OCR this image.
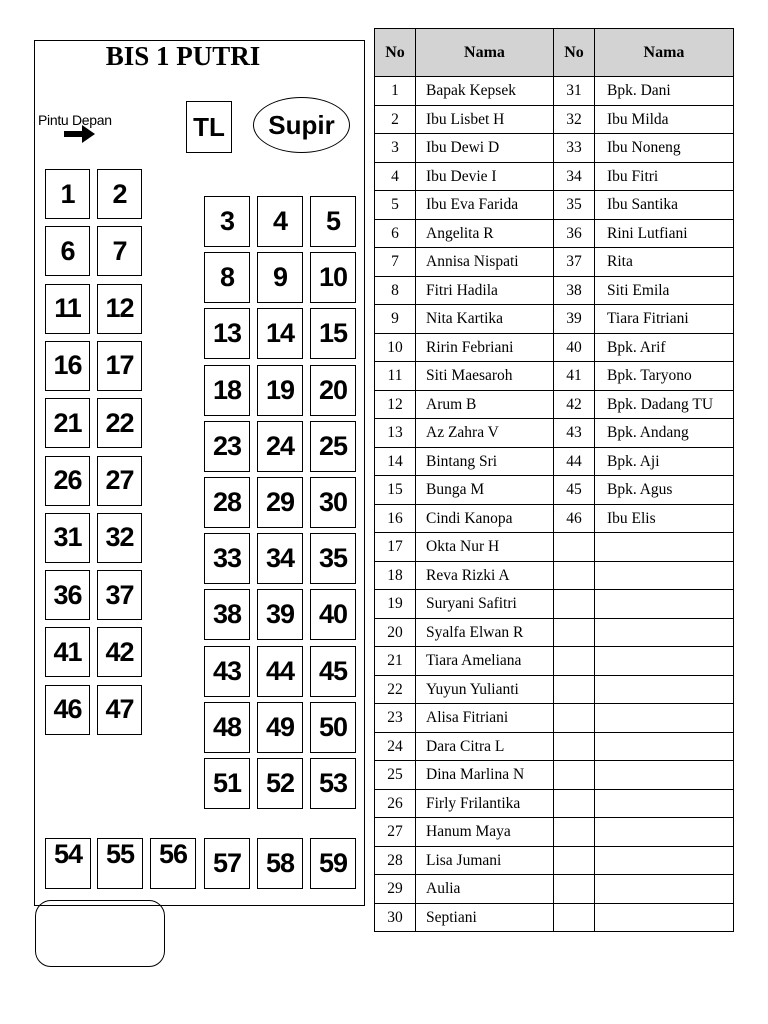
BIS 1 PUTRI
Pintu Depan	TL	Supir
1	2
3	4	5
6	7
8	9	10
11 12
13 14 15
16 17
18 19 20
21 22
23 24 25
26 27
28 29 30
31 32
33 34 35
36 37
38 39 40
41 42
43 44 45
46 47
48 49 50
51 52 53
54 55 56 57 58 59
No	Nama	No	Nama
1	Bapak Kepsek	31	Bpk. Dani
2	Ibu Lisbet H	32	Ibu Milda
3	Ibu Dewi D	33	Ibu Noneng
4	Ibu Devie I	34	Ibu Fitri
5	Ibu Eva Farida	35	Ibu Santika
6	Angelita R	36	Rini Lutfiani
7	Annisa Nispati	37	Rita
8	Fitri Hadila	38	Siti Emila
9	Nita Kartika	39	Tiara Fitriani
10	Ririn Febriani	40	Bpk. Arif
11	Siti Maesaroh	41	Bpk. Taryono
12	Arum B	42	Bpk. Dadang TU
13	Az Zahra V	43	Bpk. Andang
14	Bintang Sri	44	Bpk. Aji
15	Bunga M	45	Bpk. Agus
16	Cindi Kanopa	46	Ibu Elis
17	Okta Nur H		
18	Reva Rizki A		
19	Suryani Safitri		
20	Syalfa Elwan R		
21	Tiara Ameliana		
22	Yuyun Yulianti		
23	Alisa Fitriani		
24	Dara Citra L		
25	Dina Marlina N		
26	Firly Frilantika		
27	Hanum Maya		
28	Lisa Jumani		
29	Aulia		
30	Septiani		
